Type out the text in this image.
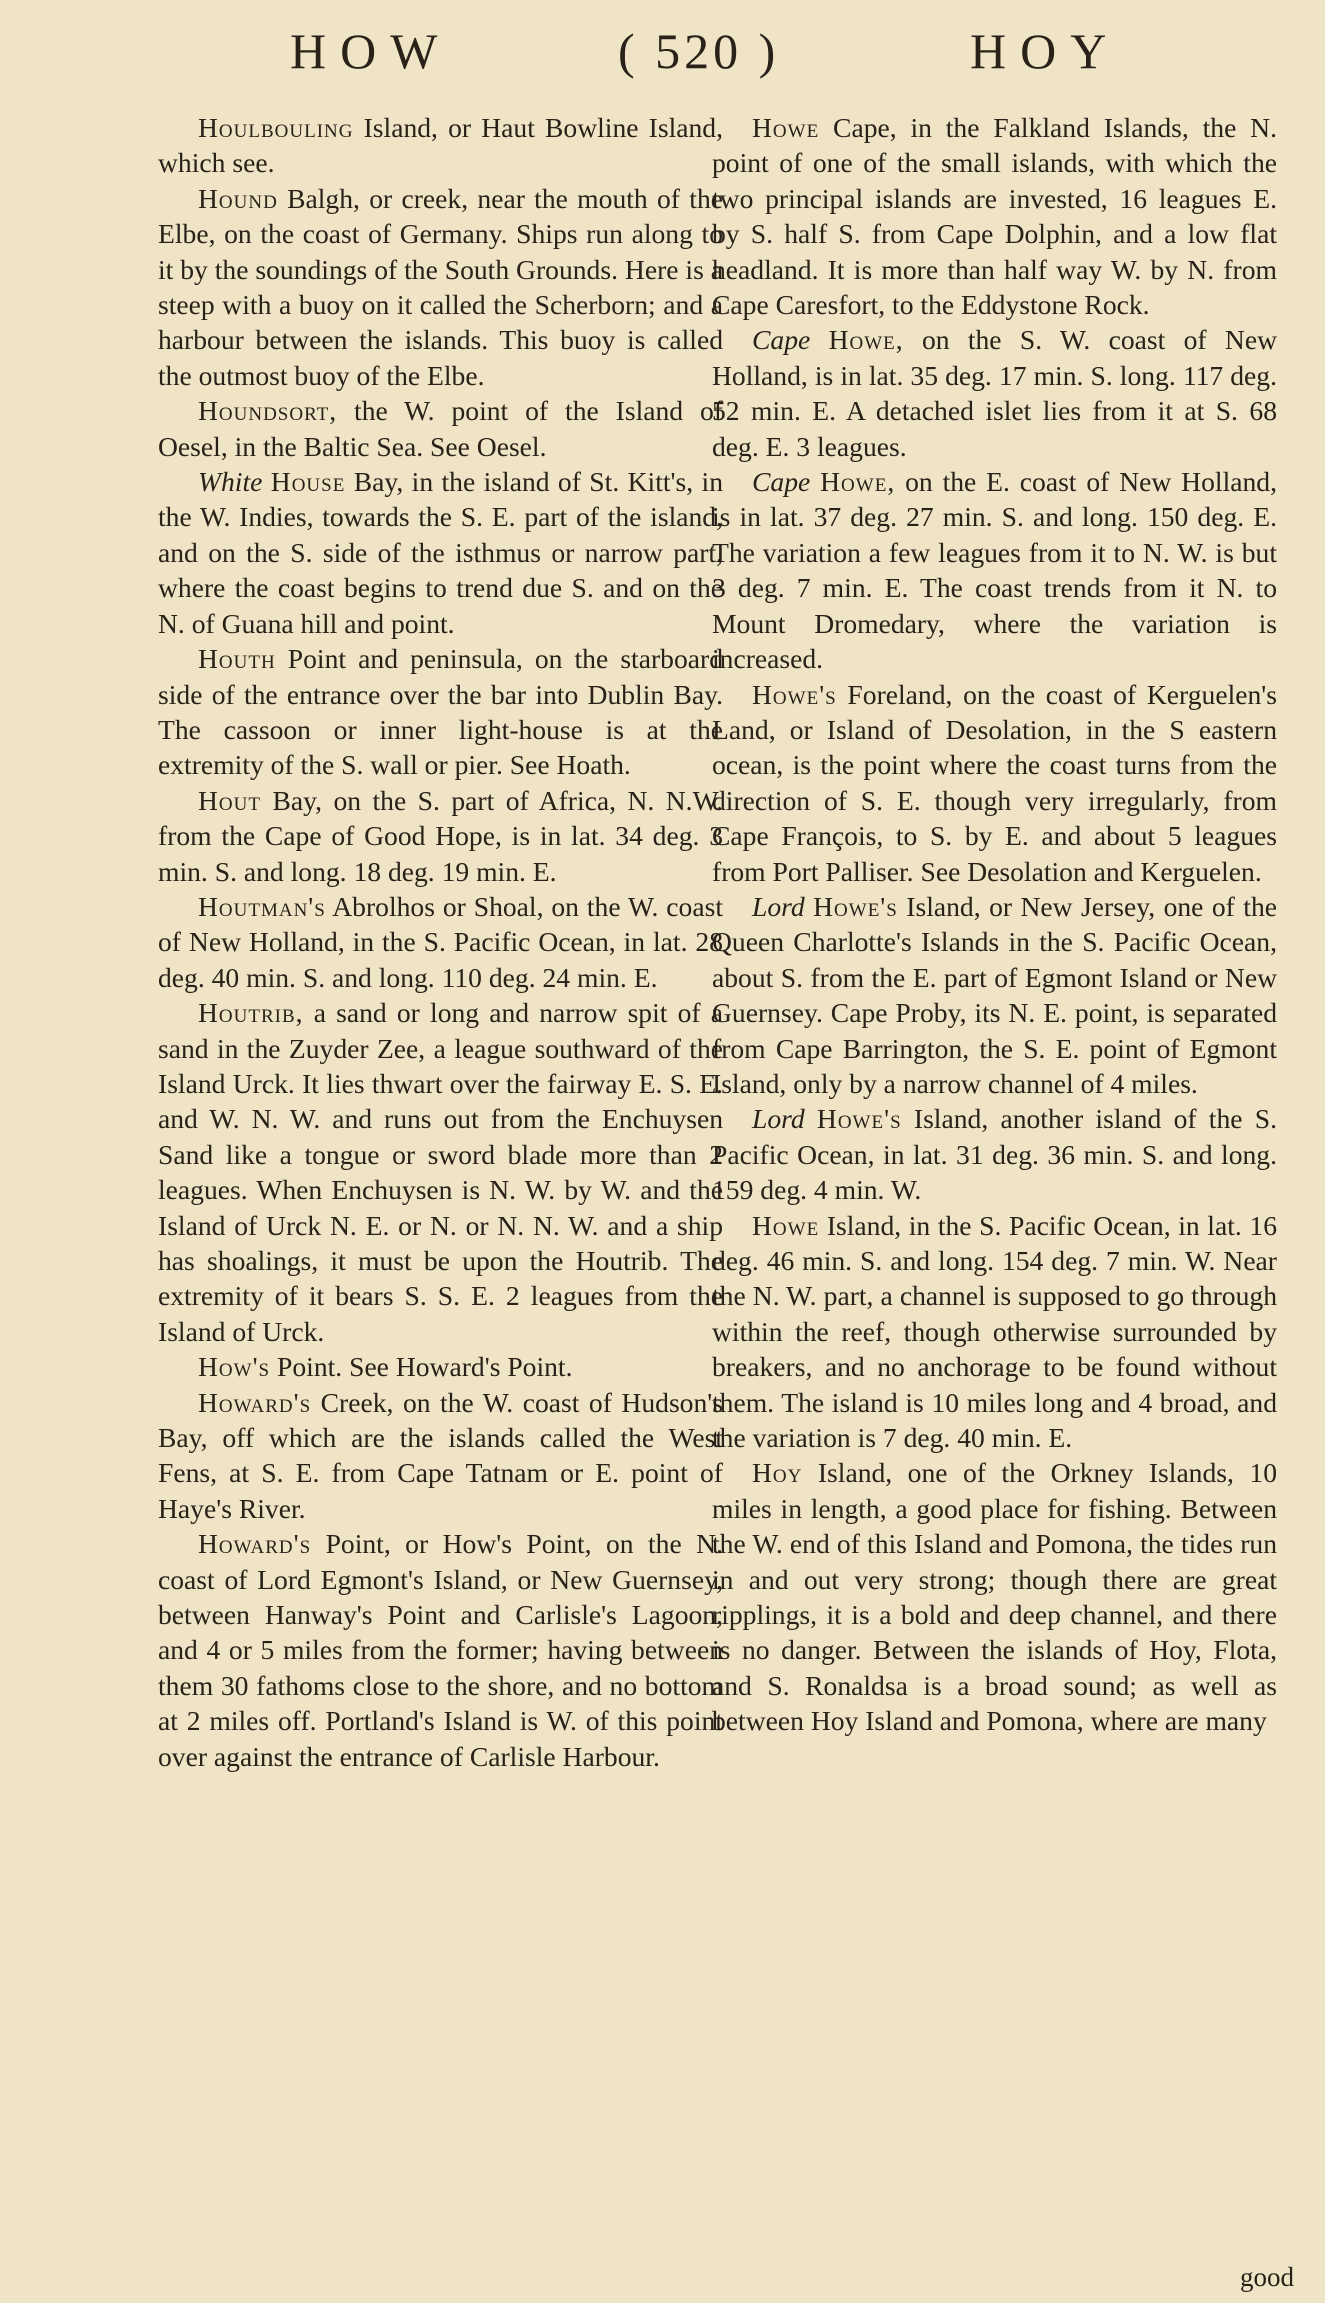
HOW	( 520 )	HOY

Houlbouling Island, or Haut Bowline Island, which see.

Hound Balgh, or creek, near the mouth of the Elbe, on the coast of Germany. Ships run along to it by the soundings of the South Grounds. Here is a steep with a buoy on it called the Scherborn; and a harbour between the islands. This buoy is called the outmost buoy of the Elbe.

Houndsort, the W. point of the Island of Oesel, in the Baltic Sea. See Oesel.

White House Bay, in the island of St. Kitt's, in the W. Indies, towards the S. E. part of the island, and on the S. side of the isthmus or narrow part, where the coast begins to trend due S. and on the N. of Guana hill and point.

Houth Point and peninsula, on the starboard side of the entrance over the bar into Dublin Bay. The cassoon or inner light-house is at the extremity of the S. wall or pier. See Hoath.

Hout Bay, on the S. part of Africa, N. N.W. from the Cape of Good Hope, is in lat. 34 deg. 3 min. S. and long. 18 deg. 19 min. E.

Houtman's Abrolhos or Shoal, on the W. coast of New Holland, in the S. Pacific Ocean, in lat. 28 deg. 40 min. S. and long. 110 deg. 24 min. E.

Houtrib, a sand or long and narrow spit of a sand in the Zuyder Zee, a league southward of the Island Urck. It lies thwart over the fairway E. S. E. and W. N. W. and runs out from the Enchuysen Sand like a tongue or sword blade more than 2 leagues. When Enchuysen is N. W. by W. and the Island of Urck N. E. or N. or N. N. W. and a ship has shoalings, it must be upon the Houtrib. The extremity of it bears S. S. E. 2 leagues from the Island of Urck.

How's Point. See Howard's Point.

Howard's Creek, on the W. coast of Hudson's Bay, off which are the islands called the West Fens, at S. E. from Cape Tatnam or E. point of Haye's River.

Howard's Point, or How's Point, on the N. coast of Lord Egmont's Island, or New Guernsey, between Hanway's Point and Carlisle's Lagoon, and 4 or 5 miles from the former; having between them 30 fathoms close to the shore, and no bottom at 2 miles off. Portland's Island is W. of this point over against the entrance of Carlisle Harbour.

Howe Cape, in the Falkland Islands, the N. point of one of the small islands, with which the two principal islands are invested, 16 leagues E. by S. half S. from Cape Dolphin, and a low flat headland. It is more than half way W. by N. from Cape Caresfort, to the Eddystone Rock.

Cape Howe, on the S. W. coast of New Holland, is in lat. 35 deg. 17 min. S. long. 117 deg. 52 min. E. A detached islet lies from it at S. 68 deg. E. 3 leagues.

Cape Howe, on the E. coast of New Holland, is in lat. 37 deg. 27 min. S. and long. 150 deg. E. The variation a few leagues from it to N. W. is but 3 deg. 7 min. E. The coast trends from it N. to Mount Dromedary, where the variation is increased.

Howe's Foreland, on the coast of Kerguelen's Land, or Island of Desolation, in the S eastern ocean, is the point where the coast turns from the direction of S. E. though very irregularly, from Cape François, to S. by E. and about 5 leagues from Port Palliser. See Desolation and Kerguelen.

Lord Howe's Island, or New Jersey, one of the Queen Charlotte's Islands in the S. Pacific Ocean, about S. from the E. part of Egmont Island or New Guernsey. Cape Proby, its N. E. point, is separated from Cape Barrington, the S. E. point of Egmont Island, only by a narrow channel of 4 miles.

Lord Howe's Island, another island of the S. Pacific Ocean, in lat. 31 deg. 36 min. S. and long. 159 deg. 4 min. W.

Howe Island, in the S. Pacific Ocean, in lat. 16 deg. 46 min. S. and long. 154 deg. 7 min. W. Near the N. W. part, a channel is supposed to go through within the reef, though otherwise surrounded by breakers, and no anchorage to be found without them. The island is 10 miles long and 4 broad, and the variation is 7 deg. 40 min. E.

Hoy Island, one of the Orkney Islands, 10 miles in length, a good place for fishing. Between the W. end of this Island and Pomona, the tides run in and out very strong; though there are great ripplings, it is a bold and deep channel, and there is no danger. Between the islands of Hoy, Flota, and S. Ronaldsa is a broad sound; as well as between Hoy Island and Pomona, where are many

good
